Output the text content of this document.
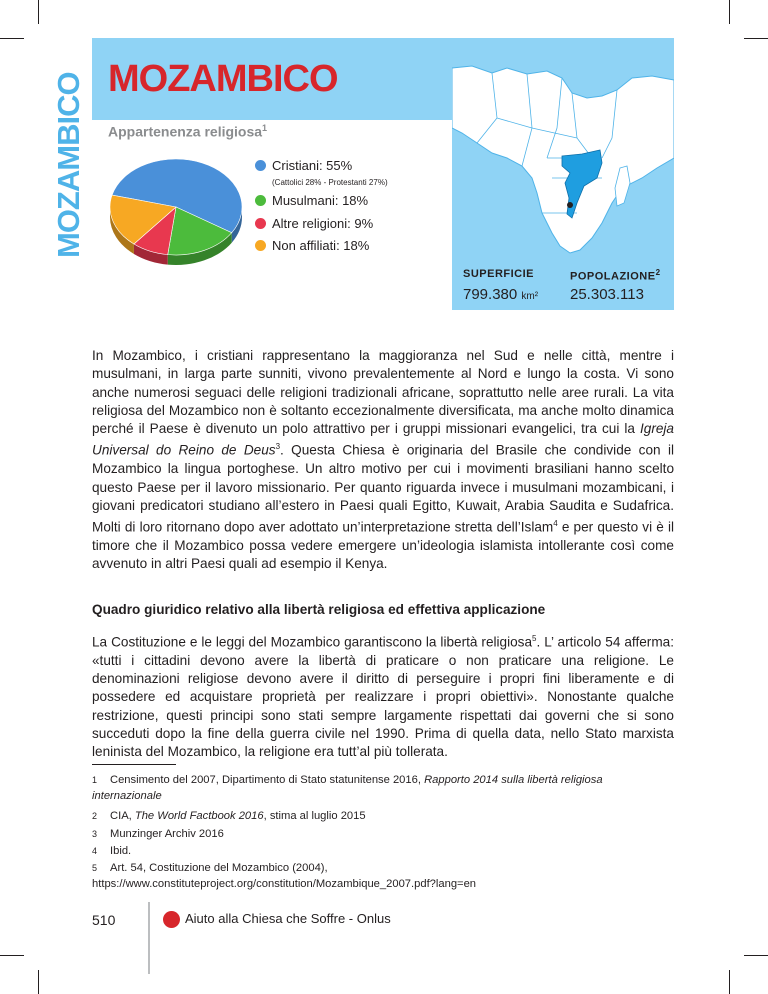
MOZAMBICO MOZAMBICO
Appartenenza religiosa$^1$
Cristiani: 55%
(Cattolici 28% - Protestanti 27%)
Musulmani: 18%
Altre religioni: 9%
Non affiliati: 18%
SUPERFICIE
799.380 km²
POPOLAZIONE$^2$
25.303.113
In Mozambico, i cristiani rappresentano la maggioranza nel Sud e nelle città, mentre i musulmani, in larga parte sunniti, vivono prevalentemente al Nord e lungo la costa. Vi sono anche numerosi seguaci delle religioni tradizionali africane, soprattutto nelle aree rurali. La vita religiosa del Mozambico non è soltanto eccezionalmente diversificata, ma anche molto dinamica perché il Paese è divenuto un polo attrattivo per i gruppi missionari evangelici, tra cui la Igreja Universal do Reino de Deus$^3$. Questa Chiesa è originaria del Brasile che condivide con il Mozambico la lingua portoghese. Un altro motivo per cui i movimenti brasiliani hanno scelto questo Paese per il lavoro missionario. Per quanto riguarda invece i musulmani mozambicani, i giovani predicatori studiano all’estero in Paesi quali Egitto, Kuwait, Arabia Saudita e Sudafrica. Molti di loro ritornano dopo aver adottato un’interpretazione stretta dell’Islam$^4$ e per questo vi è il timore che il Mozambico possa vedere emergere un’ideologia islamista intollerante così come avvenuto in altri Paesi quali ad esempio il Kenya.
Quadro giuridico relativo alla libertà religiosa ed effettiva applicazione
La Costituzione e le leggi del Mozambico garantiscono la libertà religiosa$^5$. L’ articolo 54 afferma: «tutti i cittadini devono avere la libertà di praticare o non praticare una religione. Le denominazioni religiose devono avere il diritto di perseguire i propri fini liberamente e di possedere ed acquistare proprietà per realizzare i propri obiettivi». Nonostante qualche restrizione, questi principi sono stati sempre largamente rispettati dai governi che si sono succeduti dopo la fine della guerra civile nel 1990. Prima di quella data, nello Stato marxista leninista del Mozambico, la religione era tutt’al più tollerata.
1 Censimento del 2007, Dipartimento di Stato statunitense 2016, Rapporto 2014 sulla libertà religiosa internazionale
2 CIA, The World Factbook 2016, stima al luglio 2015
3 Munzinger Archiv 2016
4 Ibid.
5 Art. 54, Costituzione del Mozambico (2004), https://www.constituteproject.org/constitution/Mozambique_2007.pdf?lang=en
510	Aiuto alla Chiesa che Soffre - Onlus
